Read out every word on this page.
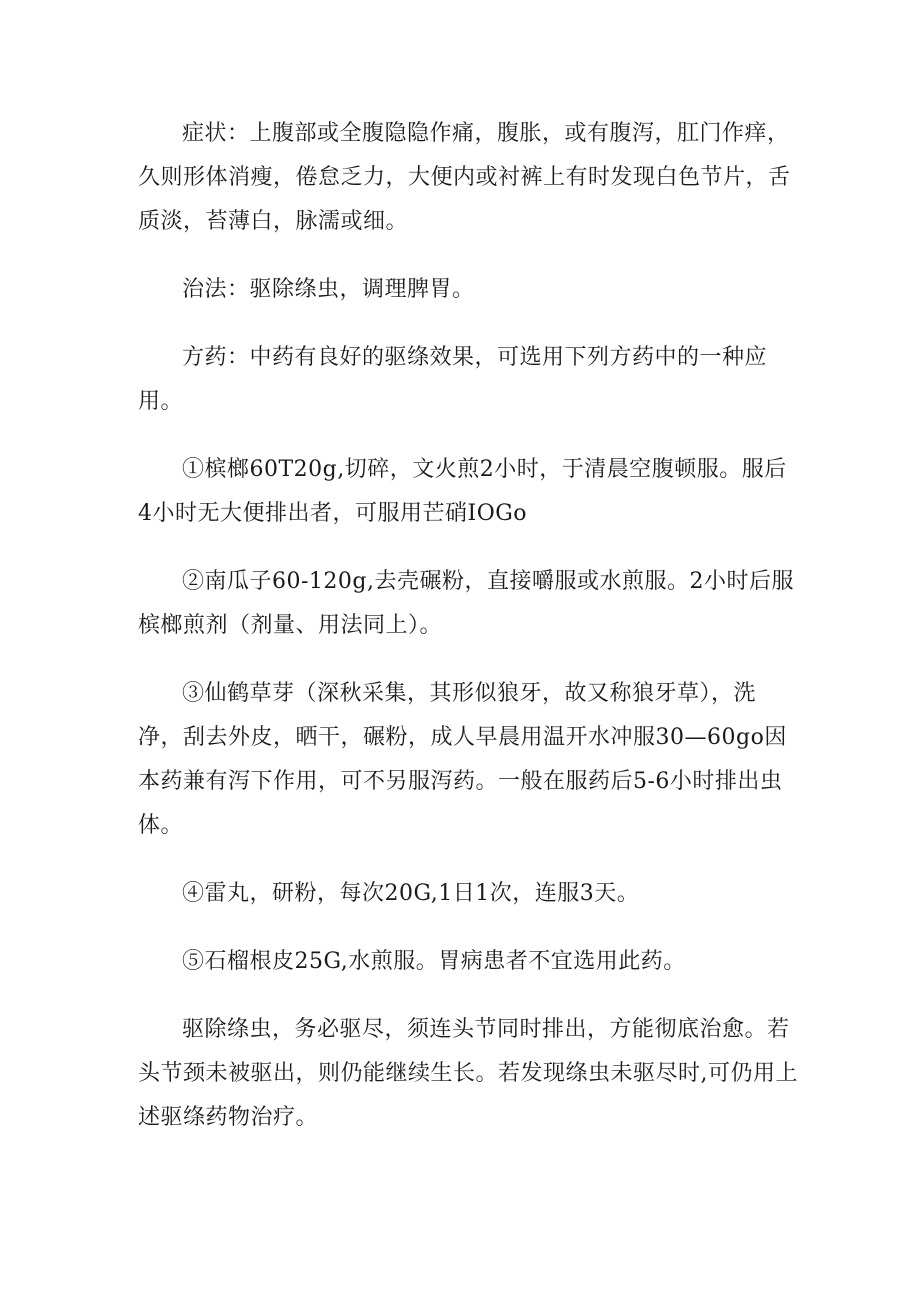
症状：上腹部或全腹隐隐作痛，腹胀，或有腹泻，肛门作痒，久则形体消瘦，倦怠乏力，大便内或衬裤上有时发现白色节片，舌质淡，苔薄白，脉濡或细。

治法：驱除绦虫，调理脾胃。

方药：中药有良好的驱绦效果，可选用下列方药中的一种应用。

①槟榔60T20g,切碎，文火煎2小时，于清晨空腹顿服。服后4小时无大便排出者，可服用芒硝IOGo

②南瓜子60-120g,去壳碾粉，直接嚼服或水煎服。2小时后服槟榔煎剂（剂量、用法同上）。

③仙鹤草芽（深秋采集，其形似狼牙，故又称狼牙草），洗净，刮去外皮，晒干，碾粉，成人早晨用温开水冲服30—60go因本药兼有泻下作用，可不另服泻药。一般在服药后5-6小时排出虫体。

④雷丸，研粉，每次20G,1日1次，连服3天。

⑤石榴根皮25G,水煎服。胃病患者不宜选用此药。

驱除绦虫，务必驱尽，须连头节同时排出，方能彻底治愈。若头节颈未被驱出，则仍能继续生长。若发现绦虫未驱尽时,可仍用上述驱绦药物治疗。
